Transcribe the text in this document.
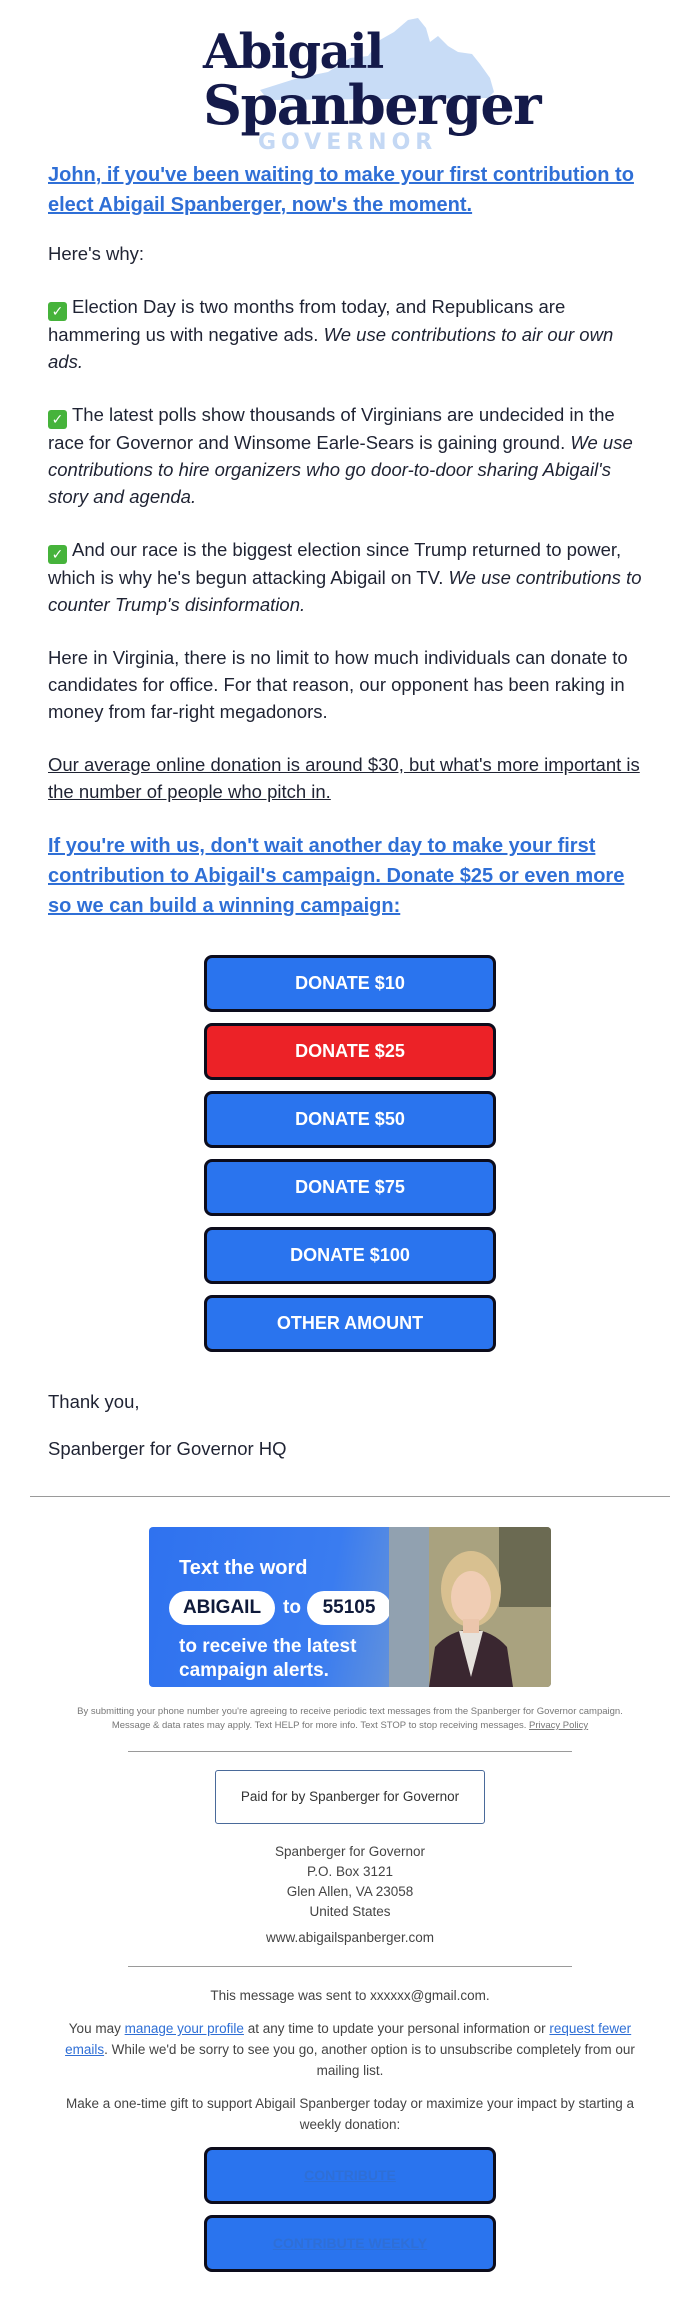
Abigail
Spanberger
GOVERNOR
John, if you've been waiting to make your first contribution to elect Abigail Spanberger, now's the moment.

Here's why:

✓ Election Day is two months from today, and Republicans are hammering us with negative ads. We use contributions to air our own ads.

✓ The latest polls show thousands of Virginians are undecided in the race for Governor and Winsome Earle-Sears is gaining ground. We use contributions to hire organizers who go door-to-door sharing Abigail's story and agenda.

✓ And our race is the biggest election since Trump returned to power, which is why he's begun attacking Abigail on TV. We use contributions to counter Trump's disinformation.

Here in Virginia, there is no limit to how much individuals can donate to candidates for office. For that reason, our opponent has been raking in money from far-right megadonors.

Our average online donation is around $30, but what's more important is the number of people who pitch in.

If you're with us, don't wait another day to make your first contribution to Abigail's campaign. Donate $25 or even more so we can build a winning campaign:
DONATE $10
DONATE $25
DONATE $50
DONATE $75
DONATE $100
OTHER AMOUNT

Thank you,

Spanberger for Governor HQ

Text the word
ABIGAIL	to	55105
to receive the latest
campaign alerts.

By submitting your phone number you're agreeing to receive periodic text messages from the Spanberger for Governor campaign. Message & data rates may apply. Text HELP for more info. Text STOP to stop receiving messages. Privacy Policy

Paid for by Spanberger for Governor
Spanberger for Governor
P.O. Box 3121
Glen Allen, VA 23058
United States
www.abigailspanberger.com

This message was sent to xxxxxx@gmail.com.

You may manage your profile at any time to update your personal information or request fewer emails. While we'd be sorry to see you go, another option is to unsubscribe completely from our mailing list.

Make a one-time gift to support Abigail Spanberger today or maximize your impact by starting a weekly donation:

CONTRIBUTE
CONTRIBUTE WEEKLY
